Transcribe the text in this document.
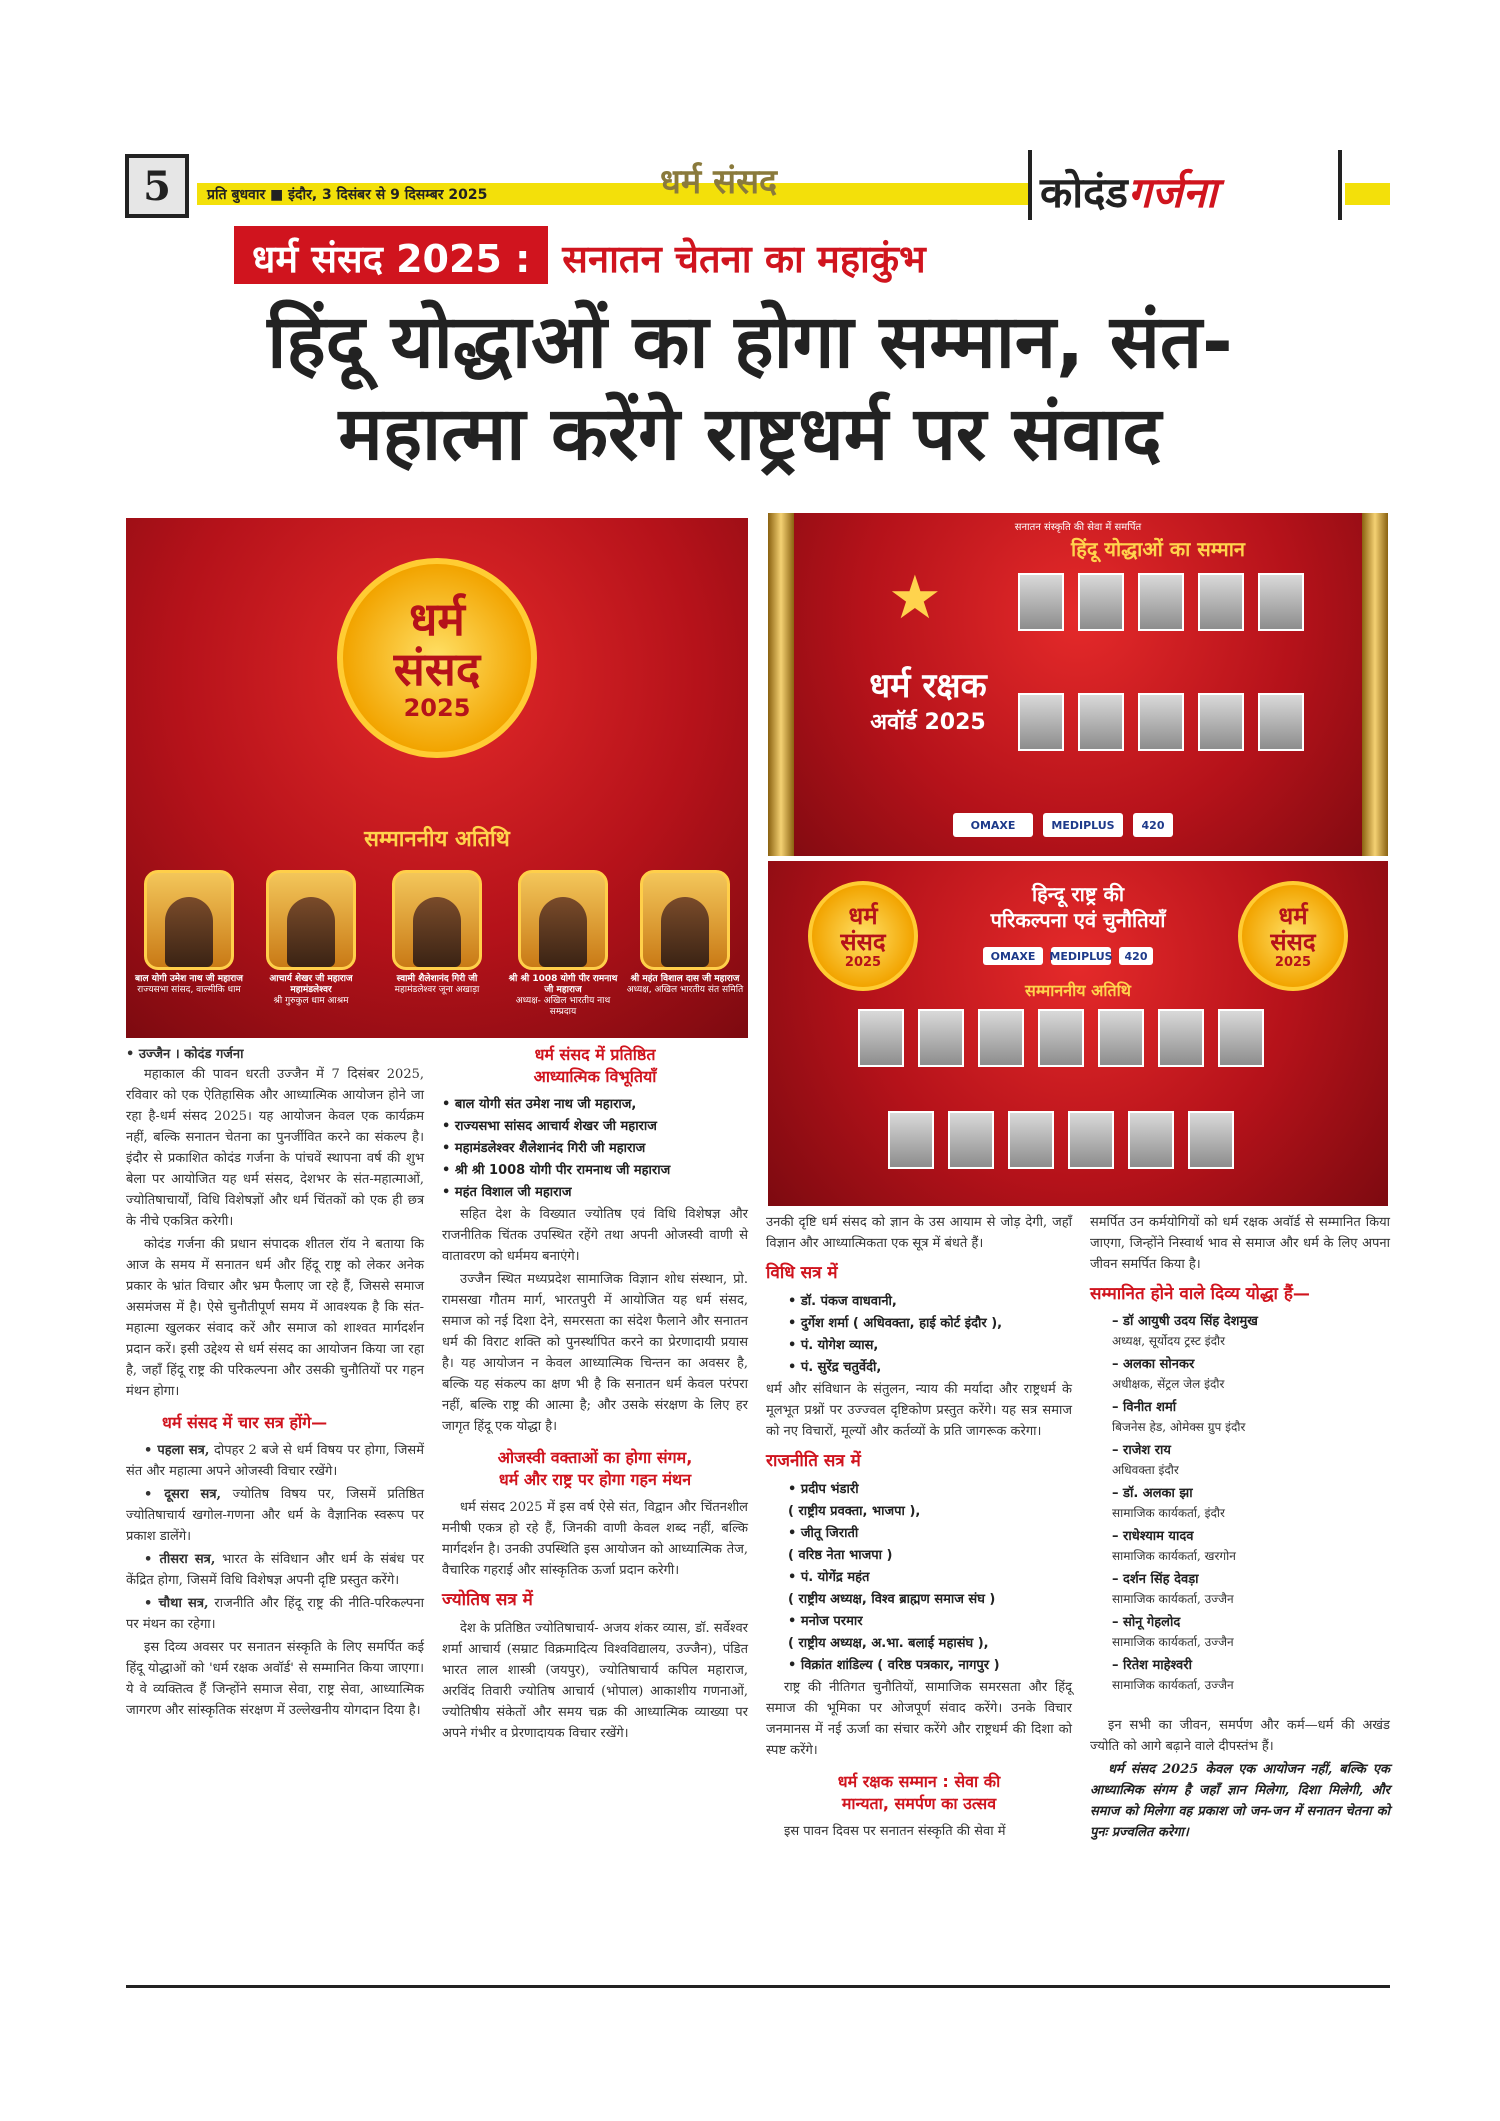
5	प्रति बुधवार ■ इंदौर, 3 दिसंबर से 9 दिसम्बर 2025	धर्म संसद	कोदंडगर्जना
धर्म संसद 2025 : सनातन चेतना का महाकुंभ
हिंदू योद्धाओं का होगा सम्मान, संत-
महात्मा करेंगे राष्ट्रधर्म पर संवाद
धर्म
संसद
2025
सम्माननीय अतिथि
बाल योगी उमेश नाथ जी महाराज
राज्यसभा सांसद, वाल्मीकि धाम
आचार्य शेखर जी महाराज महामंडलेश्वर
श्री गुरुकुल धाम आश्रम
स्वामी शैलेशानंद गिरी जी
महामंडलेश्वर जूना अखाड़ा
श्री श्री 1008 योगी पीर रामनाथ जी महाराज
अध्यक्ष- अखिल भारतीय नाथ सम्प्रदाय
श्री महंत विशाल दास जी महाराज
अध्यक्ष, अखिल भारतीय संत समिति
सनातन संस्कृति की सेवा में समर्पित
हिंदू योद्धाओं का सम्मान
★
धर्म रक्षक
अवॉर्ड 2025
OMAXE	MEDIPLUS	420
धर्म
संसद
2025
धर्म
संसद
2025
हिन्दू राष्ट्र की
परिकल्पना एवं चुनौतियाँ
OMAXE	MEDIPLUS	420
सम्माननीय अतिथि

• उज्जैन । कोदंड गर्जना

महाकाल की पावन धरती उज्जैन में 7 दिसंबर 2025, रविवार को एक ऐतिहासिक और आध्यात्मिक आयोजन होने जा रहा है-धर्म संसद 2025। यह आयोजन केवल एक कार्यक्रम नहीं, बल्कि सनातन चेतना का पुनर्जीवित करने का संकल्प है। इंदौर से प्रकाशित कोदंड गर्जना के पांचवें स्थापना वर्ष की शुभ बेला पर आयोजित यह धर्म संसद, देशभर के संत-महात्माओं, ज्योतिषाचार्यों, विधि विशेषज्ञों और धर्म चिंतकों को एक ही छत्र के नीचे एकत्रित करेगी।

कोदंड गर्जना की प्रधान संपादक शीतल रॉय ने बताया कि आज के समय में सनातन धर्म और हिंदू राष्ट्र को लेकर अनेक प्रकार के भ्रांत विचार और भ्रम फैलाए जा रहे हैं, जिससे समाज असमंजस में है। ऐसे चुनौतीपूर्ण समय में आवश्यक है कि संत-महात्मा खुलकर संवाद करें और समाज को शाश्वत मार्गदर्शन प्रदान करें। इसी उद्देश्य से धर्म संसद का आयोजन किया जा रहा है, जहाँ हिंदू राष्ट्र की परिकल्पना और उसकी चुनौतियों पर गहन मंथन होगा।

धर्म संसद में चार सत्र होंगे—

• पहला सत्र, दोपहर 2 बजे से धर्म विषय पर होगा, जिसमें संत और महात्मा अपने ओजस्वी विचार रखेंगे।

• दूसरा सत्र, ज्योतिष विषय पर, जिसमें प्रतिष्ठित ज्योतिषाचार्य खगोल-गणना और धर्म के वैज्ञानिक स्वरूप पर प्रकाश डालेंगे।

• तीसरा सत्र, भारत के संविधान और धर्म के संबंध पर केंद्रित होगा, जिसमें विधि विशेषज्ञ अपनी दृष्टि प्रस्तुत करेंगे।

• चौथा सत्र, राजनीति और हिंदू राष्ट्र की नीति-परिकल्पना पर मंथन का रहेगा।

इस दिव्य अवसर पर सनातन संस्कृति के लिए समर्पित कई हिंदू योद्धाओं को 'धर्म रक्षक अवॉर्ड' से सम्मानित किया जाएगा। ये वे व्यक्तित्व हैं जिन्होंने समाज सेवा, राष्ट्र सेवा, आध्यात्मिक जागरण और सांस्कृतिक संरक्षण में उल्लेखनीय योगदान दिया है।

धर्म संसद में प्रतिष्ठित
आध्यात्मिक विभूतियाँ
• बाल योगी संत उमेश नाथ जी महाराज,
• राज्यसभा सांसद आचार्य शेखर जी महाराज
• महामंडलेश्वर शैलेशानंद गिरी जी महाराज
• श्री श्री 1008 योगी पीर रामनाथ जी महाराज
• महंत विशाल जी महाराज

सहित देश के विख्यात ज्योतिष एवं विधि विशेषज्ञ और राजनीतिक चिंतक उपस्थित रहेंगे तथा अपनी ओजस्वी वाणी से वातावरण को धर्ममय बनाएंगे।

उज्जैन स्थित मध्यप्रदेश सामाजिक विज्ञान शोध संस्थान, प्रो. रामसखा गौतम मार्ग, भारतपुरी में आयोजित यह धर्म संसद, समाज को नई दिशा देने, समरसता का संदेश फैलाने और सनातन धर्म की विराट शक्ति को पुनर्स्थापित करने का प्रेरणादायी प्रयास है। यह आयोजन न केवल आध्यात्मिक चिन्तन का अवसर है, बल्कि यह संकल्प का क्षण भी है कि सनातन धर्म केवल परंपरा नहीं, बल्कि राष्ट्र की आत्मा है; और उसके संरक्षण के लिए हर जागृत हिंदू एक योद्धा है।

ओजस्वी वक्ताओं का होगा संगम,
धर्म और राष्ट्र पर होगा गहन मंथन

धर्म संसद 2025 में इस वर्ष ऐसे संत, विद्वान और चिंतनशील मनीषी एकत्र हो रहे हैं, जिनकी वाणी केवल शब्द नहीं, बल्कि मार्गदर्शन है। उनकी उपस्थिति इस आयोजन को आध्यात्मिक तेज, वैचारिक गहराई और सांस्कृतिक ऊर्जा प्रदान करेगी।

ज्योतिष सत्र में

देश के प्रतिष्ठित ज्योतिषाचार्य- अजय शंकर व्यास, डॉ. सर्वेश्वर शर्मा आचार्य (सम्राट विक्रमादित्य विश्वविद्यालय, उज्जैन), पंडित भारत लाल शास्त्री (जयपुर), ज्योतिषाचार्य कपिल महाराज, अरविंद तिवारी ज्योतिष आचार्य (भोपाल) आकाशीय गणनाओं, ज्योतिषीय संकेतों और समय चक्र की आध्यात्मिक व्याख्या पर अपने गंभीर व प्रेरणादायक विचार रखेंगे।

उनकी दृष्टि धर्म संसद को ज्ञान के उस आयाम से जोड़ देगी, जहाँ विज्ञान और आध्यात्मिकता एक सूत्र में बंधते हैं।

विधि सत्र में
• डॉ. पंकज वाधवानी,
• दुर्गेश शर्मा ( अधिवक्ता, हाई कोर्ट इंदौर ),
• पं. योगेश व्यास,
• पं. सुरेंद्र चतुर्वेदी,

धर्म और संविधान के संतुलन, न्याय की मर्यादा और राष्ट्रधर्म के मूलभूत प्रश्नों पर उज्ज्वल दृष्टिकोण प्रस्तुत करेंगे। यह सत्र समाज को नए विचारों, मूल्यों और कर्तव्यों के प्रति जागरूक करेगा।

राजनीति सत्र में
• प्रदीप भंडारी
( राष्ट्रीय प्रवक्ता, भाजपा ),
• जीतू जिराती
( वरिष्ठ नेता भाजपा )
• पं. योगेंद्र महंत
( राष्ट्रीय अध्यक्ष, विश्व ब्राह्मण समाज संघ )
• मनोज परमार
( राष्ट्रीय अध्यक्ष, अ.भा. बलाई महासंघ ),
• विक्रांत शांडिल्य ( वरिष्ठ पत्रकार, नागपुर )

राष्ट्र की नीतिगत चुनौतियों, सामाजिक समरसता और हिंदू समाज की भूमिका पर ओजपूर्ण संवाद करेंगे। उनके विचार जनमानस में नई ऊर्जा का संचार करेंगे और राष्ट्रधर्म की दिशा को स्पष्ट करेंगे।

धर्म रक्षक सम्मान : सेवा की
मान्यता, समर्पण का उत्सव

इस पावन दिवस पर सनातन संस्कृति की सेवा में

समर्पित उन कर्मयोगियों को धर्म रक्षक अवॉर्ड से सम्मानित किया जाएगा, जिन्होंने निस्वार्थ भाव से समाज और धर्म के लिए अपना जीवन समर्पित किया है।

सम्मानित होने वाले दिव्य योद्धा हैं—
– डॉ आयुषी उदय सिंह देशमुख
अध्यक्ष, सूर्योदय ट्रस्ट इंदौर
– अलका सोनकर
अधीक्षक, सेंट्रल जेल इंदौर
– विनीत शर्मा
बिजनेस हेड, ओमेक्स ग्रुप इंदौर
– राजेश राय
अधिवक्ता इंदौर
– डॉ. अलका झा
सामाजिक कार्यकर्ता, इंदौर
– राधेश्याम यादव
सामाजिक कार्यकर्ता, खरगोन
– दर्शन सिंह देवड़ा
सामाजिक कार्यकर्ता, उज्जैन
– सोनू गेहलोद
सामाजिक कार्यकर्ता, उज्जैन
– रितेश माहेश्वरी
सामाजिक कार्यकर्ता, उज्जैन

इन सभी का जीवन, समर्पण और कर्म—धर्म की अखंड ज्योति को आगे बढ़ाने वाले दीपस्तंभ हैं।

धर्म संसद 2025 केवल एक आयोजन नहीं, बल्कि एक आध्यात्मिक संगम है जहाँ ज्ञान मिलेगा, दिशा मिलेगी, और समाज को मिलेगा वह प्रकाश जो जन-जन में सनातन चेतना को पुनः प्रज्वलित करेगा।
